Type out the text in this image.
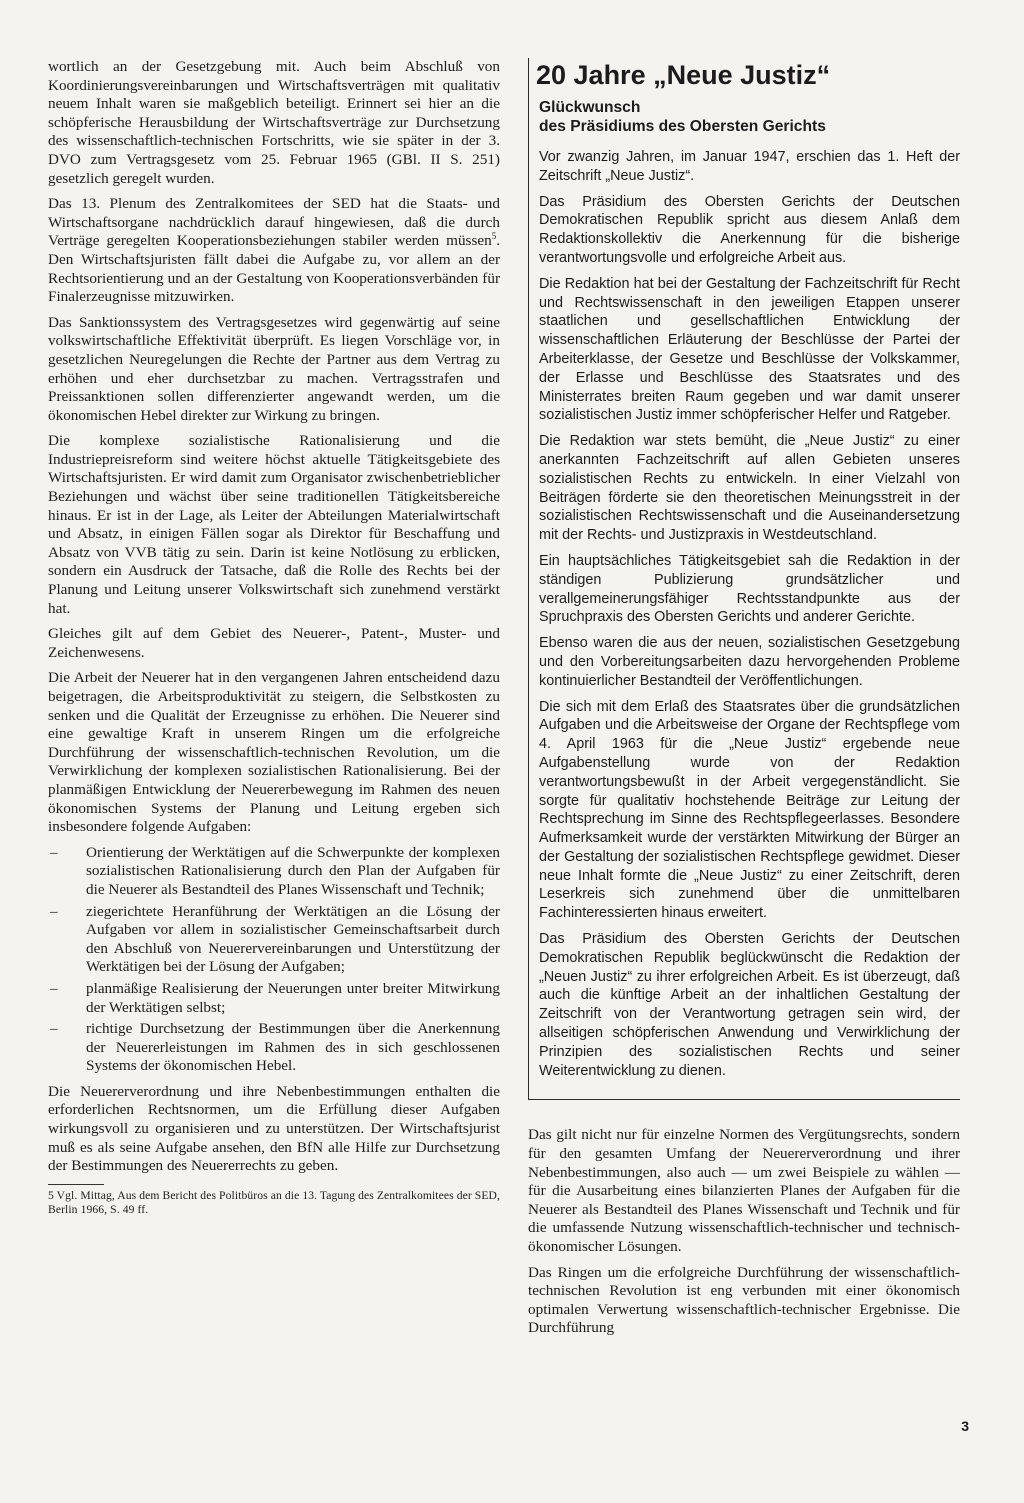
wortlich an der Gesetzgebung mit. Auch beim Abschluß von Koordinierungsvereinbarungen und Wirtschaftsverträgen mit qualitativ neuem Inhalt waren sie maßgeblich beteiligt. Erinnert sei hier an die schöpferische Herausbildung der Wirtschaftsverträge zur Durchsetzung des wissenschaftlich-technischen Fortschritts, wie sie später in der 3. DVO zum Vertragsgesetz vom 25. Februar 1965 (GBl. II S. 251) gesetzlich geregelt wurden.

Das 13. Plenum des Zentralkomitees der SED hat die Staats- und Wirtschaftsorgane nachdrücklich darauf hingewiesen, daß die durch Verträge geregelten Kooperationsbeziehungen stabiler werden müssen$^5$. Den Wirtschaftsjuristen fällt dabei die Aufgabe zu, vor allem an der Rechtsorientierung und an der Gestaltung von Kooperationsverbänden für Finalerzeugnisse mitzuwirken.

Das Sanktionssystem des Vertragsgesetzes wird gegenwärtig auf seine volkswirtschaftliche Effektivität überprüft. Es liegen Vorschläge vor, in gesetzlichen Neuregelungen die Rechte der Partner aus dem Vertrag zu erhöhen und eher durchsetzbar zu machen. Vertragsstrafen und Preissanktionen sollen differenzierter angewandt werden, um die ökonomischen Hebel direkter zur Wirkung zu bringen.

Die komplexe sozialistische Rationalisierung und die Industriepreisreform sind weitere höchst aktuelle Tätigkeitsgebiete des Wirtschaftsjuristen. Er wird damit zum Organisator zwischenbetrieblicher Beziehungen und wächst über seine traditionellen Tätigkeitsbereiche hinaus. Er ist in der Lage, als Leiter der Abteilungen Materialwirtschaft und Absatz, in einigen Fällen sogar als Direktor für Beschaffung und Absatz von VVB tätig zu sein. Darin ist keine Notlösung zu erblicken, sondern ein Ausdruck der Tatsache, daß die Rolle des Rechts bei der Planung und Leitung unserer Volkswirtschaft sich zunehmend verstärkt hat.

Gleiches gilt auf dem Gebiet des Neuerer-, Patent-, Muster- und Zeichenwesens.

Die Arbeit der Neuerer hat in den vergangenen Jahren entscheidend dazu beigetragen, die Arbeitsproduktivität zu steigern, die Selbstkosten zu senken und die Qualität der Erzeugnisse zu erhöhen. Die Neuerer sind eine gewaltige Kraft in unserem Ringen um die erfolgreiche Durchführung der wissenschaftlich-technischen Revolution, um die Verwirklichung der komplexen sozialistischen Rationalisierung. Bei der planmäßigen Entwicklung der Neuererbewegung im Rahmen des neuen ökonomischen Systems der Planung und Leitung ergeben sich insbesondere folgende Aufgaben:

– Orientierung der Werktätigen auf die Schwerpunkte der komplexen sozialistischen Rationalisierung durch den Plan der Aufgaben für die Neuerer als Bestandteil des Planes Wissenschaft und Technik;
– ziegerichtete Heranführung der Werktätigen an die Lösung der Aufgaben vor allem in sozialistischer Gemeinschaftsarbeit durch den Abschluß von Neuerervereinbarungen und Unterstützung der Werktätigen bei der Lösung der Aufgaben;
– planmäßige Realisierung der Neuerungen unter breiter Mitwirkung der Werktätigen selbst;
– richtige Durchsetzung der Bestimmungen über die Anerkennung der Neuererleistungen im Rahmen des in sich geschlossenen Systems der ökonomischen Hebel.

Die Neuererverordnung und ihre Nebenbestimmungen enthalten die erforderlichen Rechtsnormen, um die Erfüllung dieser Aufgaben wirkungsvoll zu organisieren und zu unterstützen. Der Wirtschaftsjurist muß es als seine Aufgabe ansehen, den BfN alle Hilfe zur Durchsetzung der Bestimmungen des Neuererrechts zu geben.

5 Vgl. Mittag, Aus dem Bericht des Politbüros an die 13. Tagung des Zentralkomitees der SED, Berlin 1966, S. 49 ff.

20 Jahre „Neue Justiz“
Glückwunsch
des Präsidiums des Obersten Gerichts

Vor zwanzig Jahren, im Januar 1947, erschien das 1. Heft der Zeitschrift „Neue Justiz“.

Das Präsidium des Obersten Gerichts der Deutschen Demokratischen Republik spricht aus diesem Anlaß dem Redaktionskollektiv die Anerkennung für die bisherige verantwortungsvolle und erfolgreiche Arbeit aus.

Die Redaktion hat bei der Gestaltung der Fachzeitschrift für Recht und Rechtswissenschaft in den jeweiligen Etappen unserer staatlichen und gesellschaftlichen Entwicklung der wissenschaftlichen Erläuterung der Beschlüsse der Partei der Arbeiterklasse, der Gesetze und Beschlüsse der Volkskammer, der Erlasse und Beschlüsse des Staatsrates und des Ministerrates breiten Raum gegeben und war damit unserer sozialistischen Justiz immer schöpferischer Helfer und Ratgeber.

Die Redaktion war stets bemüht, die „Neue Justiz“ zu einer anerkannten Fachzeitschrift auf allen Gebieten unseres sozialistischen Rechts zu entwickeln. In einer Vielzahl von Beiträgen förderte sie den theoretischen Meinungsstreit in der sozialistischen Rechtswissenschaft und die Auseinandersetzung mit der Rechts- und Justizpraxis in Westdeutschland.

Ein hauptsächliches Tätigkeitsgebiet sah die Redaktion in der ständigen Publizierung grundsätzlicher und verallgemeinerungsfähiger Rechtsstandpunkte aus der Spruchpraxis des Obersten Gerichts und anderer Gerichte.

Ebenso waren die aus der neuen, sozialistischen Gesetzgebung und den Vorbereitungsarbeiten dazu hervorgehenden Probleme kontinuierlicher Bestandteil der Veröffentlichungen.

Die sich mit dem Erlaß des Staatsrates über die grundsätzlichen Aufgaben und die Arbeitsweise der Organe der Rechtspflege vom 4. April 1963 für die „Neue Justiz“ ergebende neue Aufgabenstellung wurde von der Redaktion verantwortungsbewußt in der Arbeit vergegenständlicht. Sie sorgte für qualitativ hochstehende Beiträge zur Leitung der Rechtsprechung im Sinne des Rechtspflegeerlasses. Besondere Aufmerksamkeit wurde der verstärkten Mitwirkung der Bürger an der Gestaltung der sozialistischen Rechtspflege gewidmet. Dieser neue Inhalt formte die „Neue Justiz“ zu einer Zeitschrift, deren Leserkreis sich zunehmend über die unmittelbaren Fachinteressierten hinaus erweitert.

Das Präsidium des Obersten Gerichts der Deutschen Demokratischen Republik beglückwünscht die Redaktion der „Neuen Justiz“ zu ihrer erfolgreichen Arbeit. Es ist überzeugt, daß auch die künftige Arbeit an der inhaltlichen Gestaltung der Zeitschrift von der Verantwortung getragen sein wird, der allseitigen schöpferischen Anwendung und Verwirklichung der Prinzipien des sozialistischen Rechts und seiner Weiterentwicklung zu dienen.

Das gilt nicht nur für einzelne Normen des Vergütungsrechts, sondern für den gesamten Umfang der Neuererverordnung und ihrer Nebenbestimmungen, also auch — um zwei Beispiele zu wählen — für die Ausarbeitung eines bilanzierten Planes der Aufgaben für die Neuerer als Bestandteil des Planes Wissenschaft und Technik und für die umfassende Nutzung wissenschaftlich-technischer und technisch-ökonomischer Lösungen.

Das Ringen um die erfolgreiche Durchführung der wissenschaftlich-technischen Revolution ist eng verbunden mit einer ökonomisch optimalen Verwertung wissenschaftlich-technischer Ergebnisse. Die Durchführung

3
